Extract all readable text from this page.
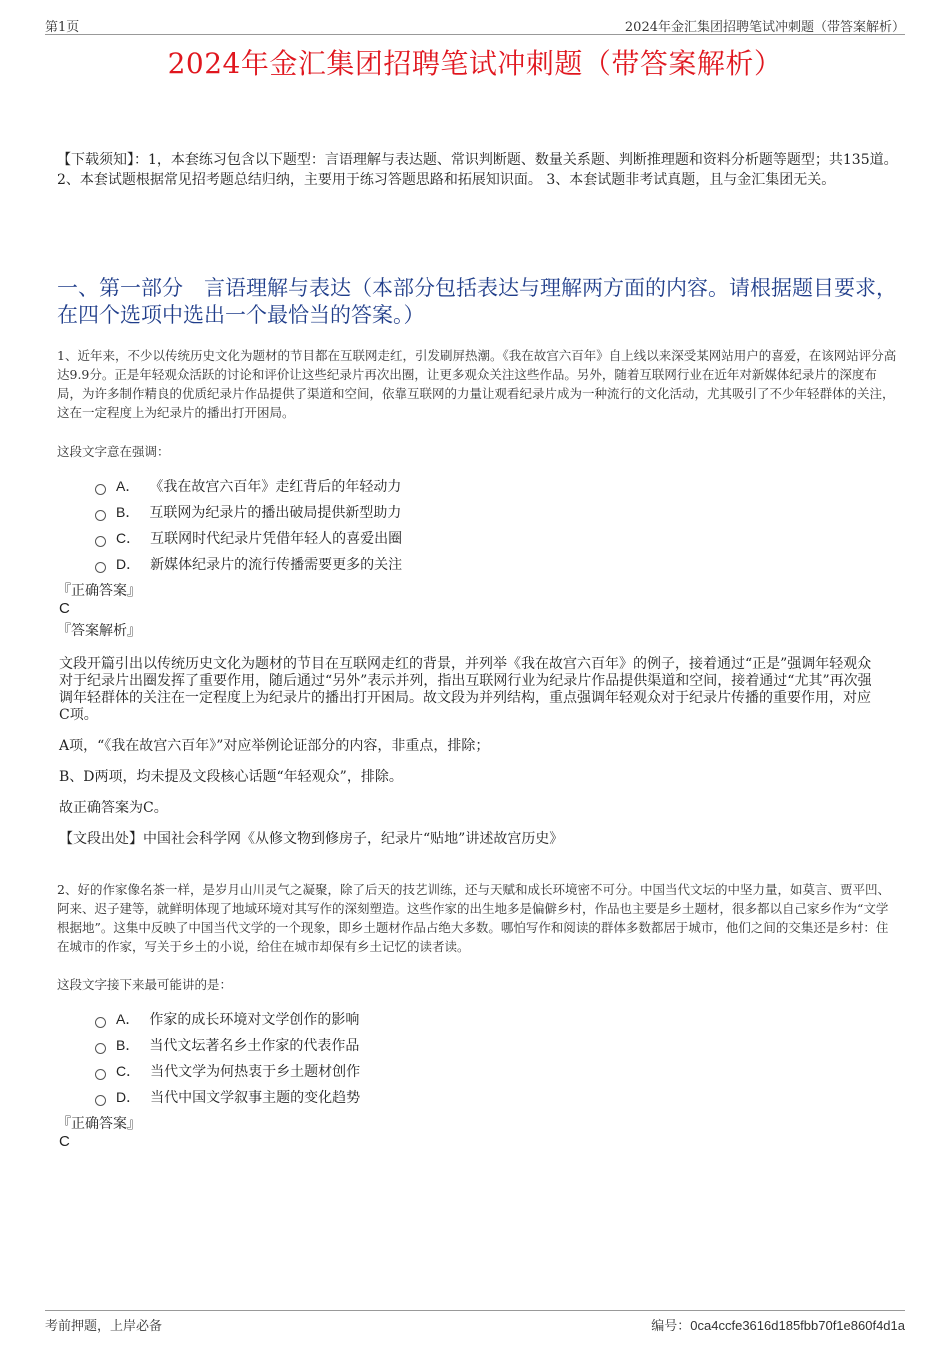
第1页	2024年金汇集团招聘笔试冲刺题（带答案解析）
2024年金汇集团招聘笔试冲刺题（带答案解析）
【下载须知】：1，本套练习包含以下题型：言语理解与表达题、常识判断题、数量关系题、判断推理题和资料分析题等题型；共135道。 2、本套试题根据常见招考题总结归纳，主要用于练习答题思路和拓展知识面。 3、本套试题非考试真题，且与金汇集团无关。
一、第一部分　言语理解与表达（本部分包括表达与理解两方面的内容。请根据题目要求，在四个选项中选出一个最恰当的答案。）
1、近年来，不少以传统历史文化为题材的节目都在互联网走红，引发刷屏热潮。《我在故宫六百年》自上线以来深受某网站用户的喜爱，在该网站评分高达9.9分。正是年轻观众活跃的讨论和评价让这些纪录片再次出圈，让更多观众关注这些作品。另外，随着互联网行业在近年对新媒体纪录片的深度布局，为许多制作精良的优质纪录片作品提供了渠道和空间，依靠互联网的力量让观看纪录片成为一种流行的文化活动，尤其吸引了不少年轻群体的关注，这在一定程度上为纪录片的播出打开困局。
这段文字意在强调：
A． 《我在故宫六百年》走红背后的年轻动力
B． 互联网为纪录片的播出破局提供新型助力
C． 互联网时代纪录片凭借年轻人的喜爱出圈
D． 新媒体纪录片的流行传播需要更多的关注
『正确答案』
C
『答案解析』

文段开篇引出以传统历史文化为题材的节目在互联网走红的背景，并列举《我在故宫六百年》的例子，接着通过“正是”强调年轻观众对于纪录片出圈发挥了重要作用，随后通过“另外”表示并列，指出互联网行业为纪录片作品提供渠道和空间，接着通过“尤其”再次强调年轻群体的关注在一定程度上为纪录片的播出打开困局。故文段为并列结构，重点强调年轻观众对于纪录片传播的重要作用，对应C项。

A项，“《我在故宫六百年》”对应举例论证部分的内容，非重点，排除；

B、D两项，均未提及文段核心话题“年轻观众”，排除。

故正确答案为C。

【文段出处】中国社会科学网《从修文物到修房子，纪录片“贴地”讲述故宫历史》

2、好的作家像名茶一样，是岁月山川灵气之凝聚，除了后天的技艺训练，还与天赋和成长环境密不可分。中国当代文坛的中坚力量，如莫言、贾平凹、阿来、迟子建等，就鲜明体现了地域环境对其写作的深刻塑造。这些作家的出生地多是偏僻乡村，作品也主要是乡土题材，很多都以自己家乡作为“文学根据地”。这集中反映了中国当代文学的一个现象，即乡土题材作品占绝大多数。哪怕写作和阅读的群体多数都居于城市，他们之间的交集还是乡村：住在城市的作家，写关于乡土的小说，给住在城市却保有乡土记忆的读者读。
这段文字接下来最可能讲的是：
A． 作家的成长环境对文学创作的影响
B． 当代文坛著名乡土作家的代表作品
C． 当代文学为何热衷于乡土题材创作
D． 当代中国文学叙事主题的变化趋势
『正确答案』
C
考前押题，上岸必备	编号：0ca4ccfe3616d185fbb70f1e860f4d1a
